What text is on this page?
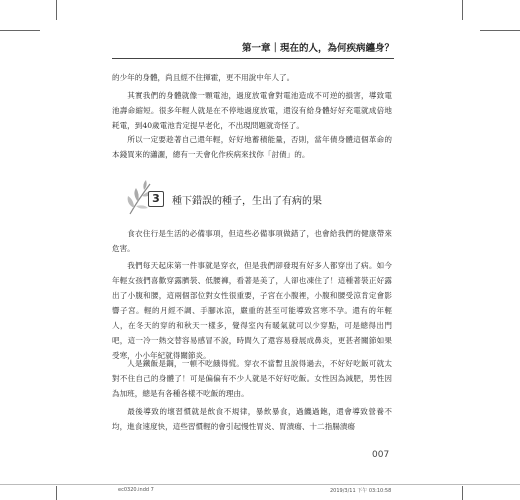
第一章｜現在的人，為何疾病纏身？

的少年的身體，尚且經不住揮霍，更不用說中年人了。

其實我們的身體就像一顆電池，過度放電會對電池造成不可逆的損害，導致電池壽命縮短。很多年輕人就是在不停地過度放電，還沒有給身體好好充電就成倍地耗電，到40歲電池肯定提早老化，不出現問題就奇怪了。

所以一定要趁著自己還年輕，好好地蓄積能量，否則，當年債身體這個革命的本錢買來的瀟灑，總有一天會化作疾病來找你「討債」的。

3	種下錯誤的種子，生出了有病的果

食衣住行是生活的必備事項，但這些必備事項做錯了，也會給我們的健康帶來危害。

我們每天起床第一件事就是穿衣，但是我們卻發現有好多人都穿出了病。如今年輕女孩們喜歡穿露臍裝、低腰褲，看著是美了，人卻也凍住了！這種著裝正好露出了小腹和腰，這兩個部位對女性很重要，子宮在小腹裡，小腹和腰受涼肯定會影響子宮。輕的月經不調、手腳冰涼，嚴重的甚至可能導致宮寒不孕。還有的年輕人，在冬天的穿的和秋天一樣多，覺得室內有暖氣就可以少穿點，可是總得出門吧，這一冷一熱交替容易感冒不說，時間久了還容易發展成鼻炎，更甚者關節如果受寒，小小年紀就得關節炎。

人是鐵飯是鋼，一頓不吃餓得慌。穿衣不當暫且說得過去，不好好吃飯可就太對不住自己的身體了！可是偏偏有不少人就是不好好吃飯。女性因為減肥，男性因為加班，總是有各種各樣不吃飯的理由。

最後導致的壞習慣就是飲食不規律，暴飲暴食，過饑過飽，還會導致營養不均，進食速度快，這些習慣輕的會引起慢性胃炎、胃潰瘍、十二指腸潰瘍

007
ec0320.indd 7	2019/3/11 下午 03:10:58
